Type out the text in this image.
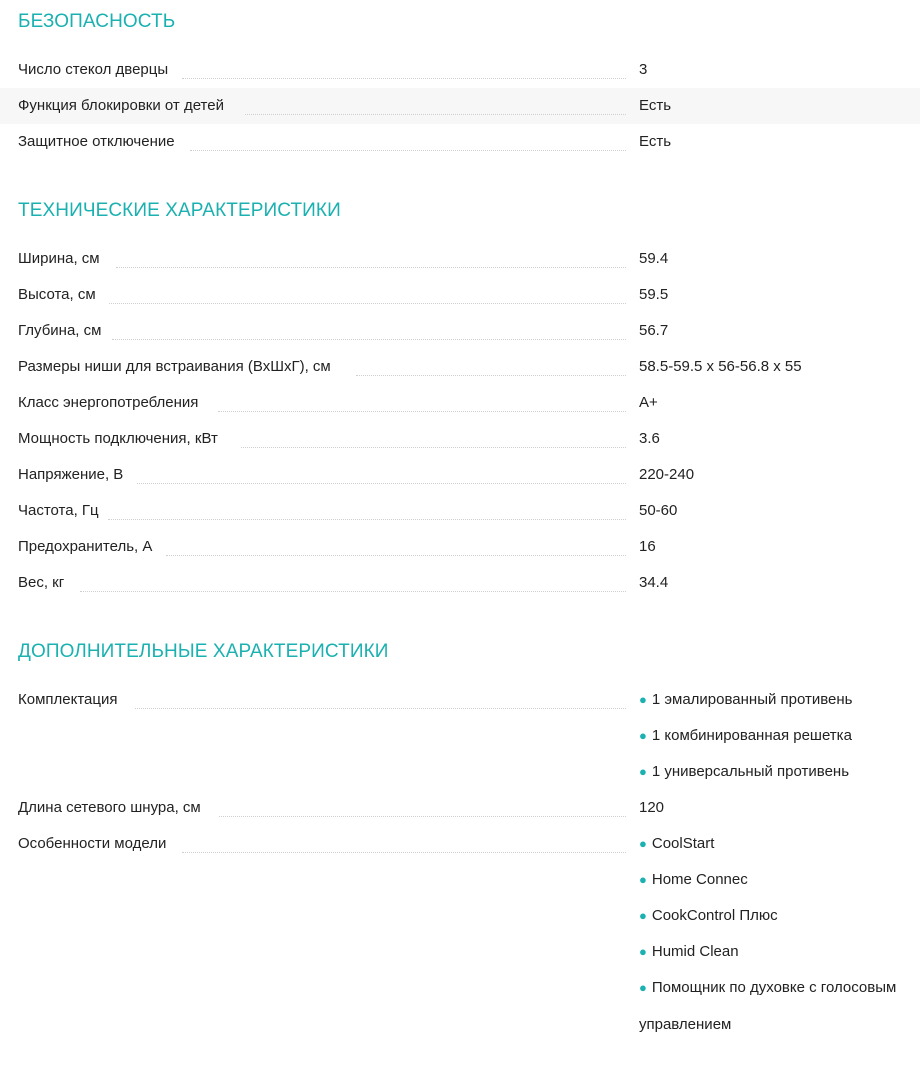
БЕЗОПАСНОСТЬ
Число стекол дверцы	3
Функция блокировки от детей	Есть
Защитное отключение	Есть
ТЕХНИЧЕСКИЕ ХАРАКТЕРИСТИКИ
Ширина, см	59.4
Высота, см	59.5
Глубина, см	56.7
Размеры ниши для встраивания (ВхШхГ), см	58.5-59.5 х 56-56.8 х 55
Класс энергопотребления	A+
Мощность подключения, кВт	3.6
Напряжение, В	220-240
Частота, Гц	50-60
Предохранитель, А	16
Вес, кг	34.4
ДОПОЛНИТЕЛЬНЫЕ ХАРАКТЕРИСТИКИ
Комплектация	● 1 эмалированный противень
● 1 комбинированная решетка
● 1 универсальный противень
Длина сетевого шнура, см	120
Особенности модели	● CoolStart
● Home Connec
● CookControl Плюс
● Humid Clean
● Помощник по духовке с голосовым
управлением
